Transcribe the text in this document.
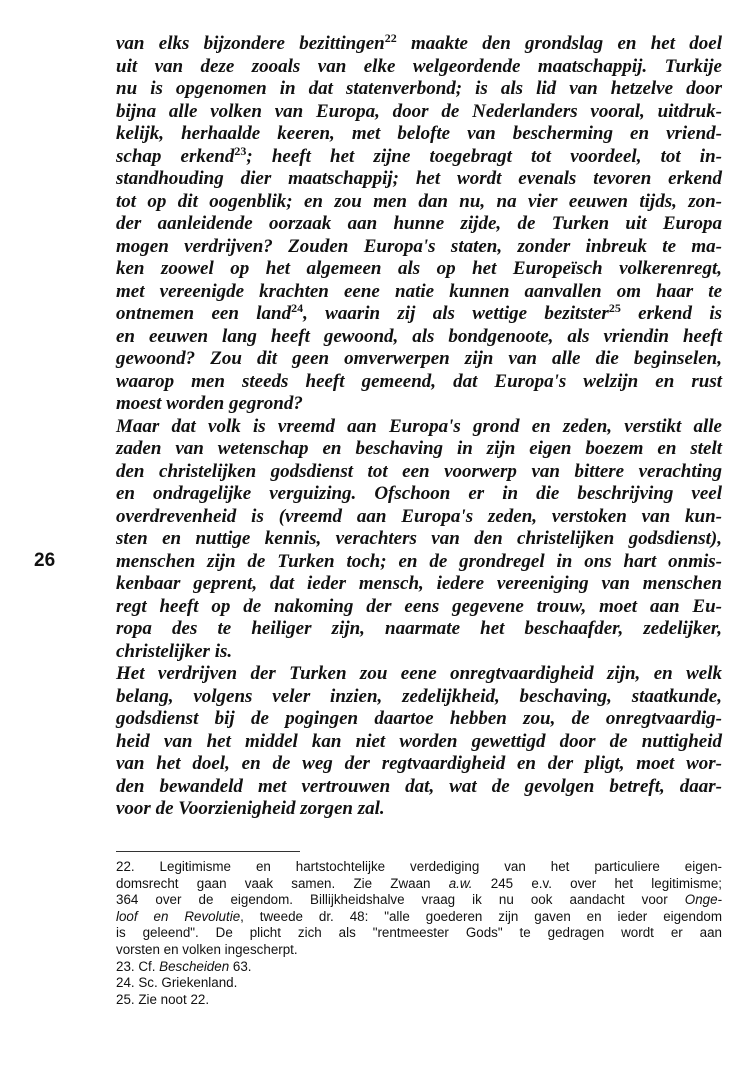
26

van elks bijzondere bezittingen$^{22}$ maakte den grondslag en het doel
uit van deze zooals van elke welgeordende maatschappij. Turkije
nu is opgenomen in dat statenverbond; is als lid van hetzelve door
bijna alle volken van Europa, door de Nederlanders vooral, uitdruk-
kelijk, herhaalde keeren, met belofte van bescherming en vriend-
schap erkend$^{23}$; heeft het zijne toegebragt tot voordeel, tot in-
standhouding dier maatschappij; het wordt evenals tevoren erkend
tot op dit oogenblik; en zou men dan nu, na vier eeuwen tijds, zon-
der aanleidende oorzaak aan hunne zijde, de Turken uit Europa
mogen verdrijven? Zouden Europa's staten, zonder inbreuk te ma-
ken zoowel op het algemeen als op het Europeïsch volkerenregt,
met vereenigde krachten eene natie kunnen aanvallen om haar te
ontnemen een land$^{24}$, waarin zij als wettige bezitster$^{25}$ erkend is
en eeuwen lang heeft gewoond, als bondgenoote, als vriendin heeft
gewoond? Zou dit geen omverwerpen zijn van alle die beginselen,
waarop men steeds heeft gemeend, dat Europa's welzijn en rust
moest worden gegrond?

Maar dat volk is vreemd aan Europa's grond en zeden, verstikt alle
zaden van wetenschap en beschaving in zijn eigen boezem en stelt
den christelijken godsdienst tot een voorwerp van bittere verachting
en ondragelijke verguizing. Ofschoon er in die beschrijving veel
overdrevenheid is (vreemd aan Europa's zeden, verstoken van kun-
sten en nuttige kennis, verachters van den christelijken godsdienst),
menschen zijn de Turken toch; en de grondregel in ons hart onmis-
kenbaar geprent, dat ieder mensch, iedere vereeniging van menschen
regt heeft op de nakoming der eens gegevene trouw, moet aan Eu-
ropa des te heiliger zijn, naarmate het beschaafder, zedelijker,
christelijker is.

Het verdrijven der Turken zou eene onregtvaardigheid zijn, en welk
belang, volgens veler inzien, zedelijkheid, beschaving, staatkunde,
godsdienst bij de pogingen daartoe hebben zou, de onregtvaardig-
heid van het middel kan niet worden gewettigd door de nuttigheid
van het doel, en de weg der regtvaardigheid en der pligt, moet wor-
den bewandeld met vertrouwen dat, wat de gevolgen betreft, daar-
voor de Voorzienigheid zorgen zal.

22. Legitimisme en hartstochtelijke verdediging van het particuliere eigen-
domsrecht gaan vaak samen. Zie Zwaan a.w. 245 e.v. over het legitimisme;
364 over de eigendom. Billijkheidshalve vraag ik nu ook aandacht voor Onge-
loof en Revolutie, tweede dr. 48: "alle goederen zijn gaven en ieder eigendom
is geleend". De plicht zich als "rentmeester Gods" te gedragen wordt er aan
vorsten en volken ingescherpt.

23. Cf. Bescheiden 63.

24. Sc. Griekenland.

25. Zie noot 22.
